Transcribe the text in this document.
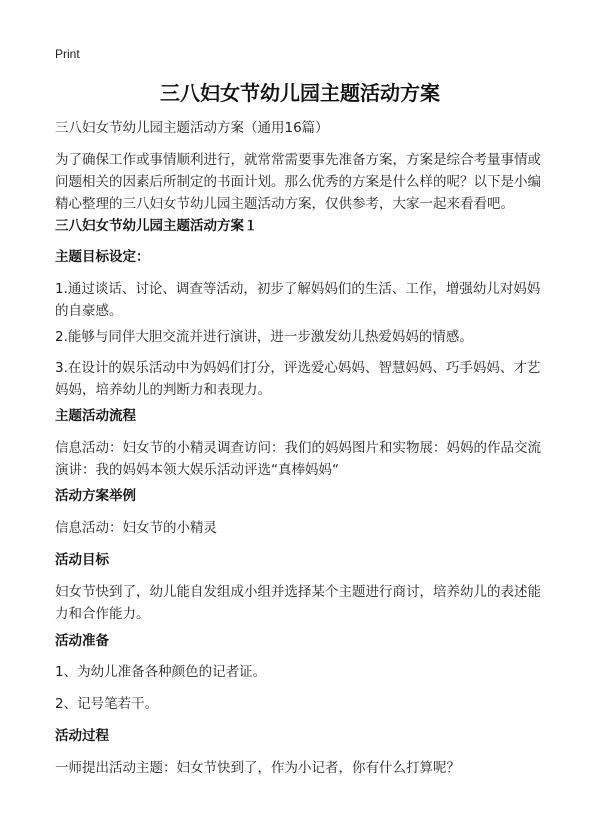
Print
三八妇女节幼儿园主题活动方案
三八妇女节幼儿园主题活动方案（通用16篇）
为了确保工作或事情顺利进行，就常常需要事先准备方案，方案是综合考量事情或
问题相关的因素后所制定的书面计划。那么优秀的方案是什么样的呢？以下是小编
精心整理的三八妇女节幼儿园主题活动方案，仅供参考，大家一起来看看吧。
三八妇女节幼儿园主题活动方案１
主题目标设定：
1.通过谈话、讨论、调查等活动，初步了解妈妈们的生活、工作，增强幼儿对妈妈
的自豪感。
2.能够与同伴大胆交流并进行演讲，进一步激发幼儿热爱妈妈的情感。
3.在设计的娱乐活动中为妈妈们打分，评选爱心妈妈、智慧妈妈、巧手妈妈、才艺
妈妈，培养幼儿的判断力和表现力。
主题活动流程
信息活动：妇女节的小精灵调查访问：我们的妈妈图片和实物展：妈妈的作品交流
演讲：我的妈妈本领大娱乐活动评选“真棒妈妈“
活动方案举例
信息活动：妇女节的小精灵
活动目标
妇女节快到了，幼儿能自发组成小组并选择某个主题进行商讨，培养幼儿的表述能
力和合作能力。
活动准备
1、为幼儿准备各种颜色的记者证。
2、记号笔若干。
活动过程
一师提出活动主题：妇女节快到了，作为小记者，你有什么打算呢？
